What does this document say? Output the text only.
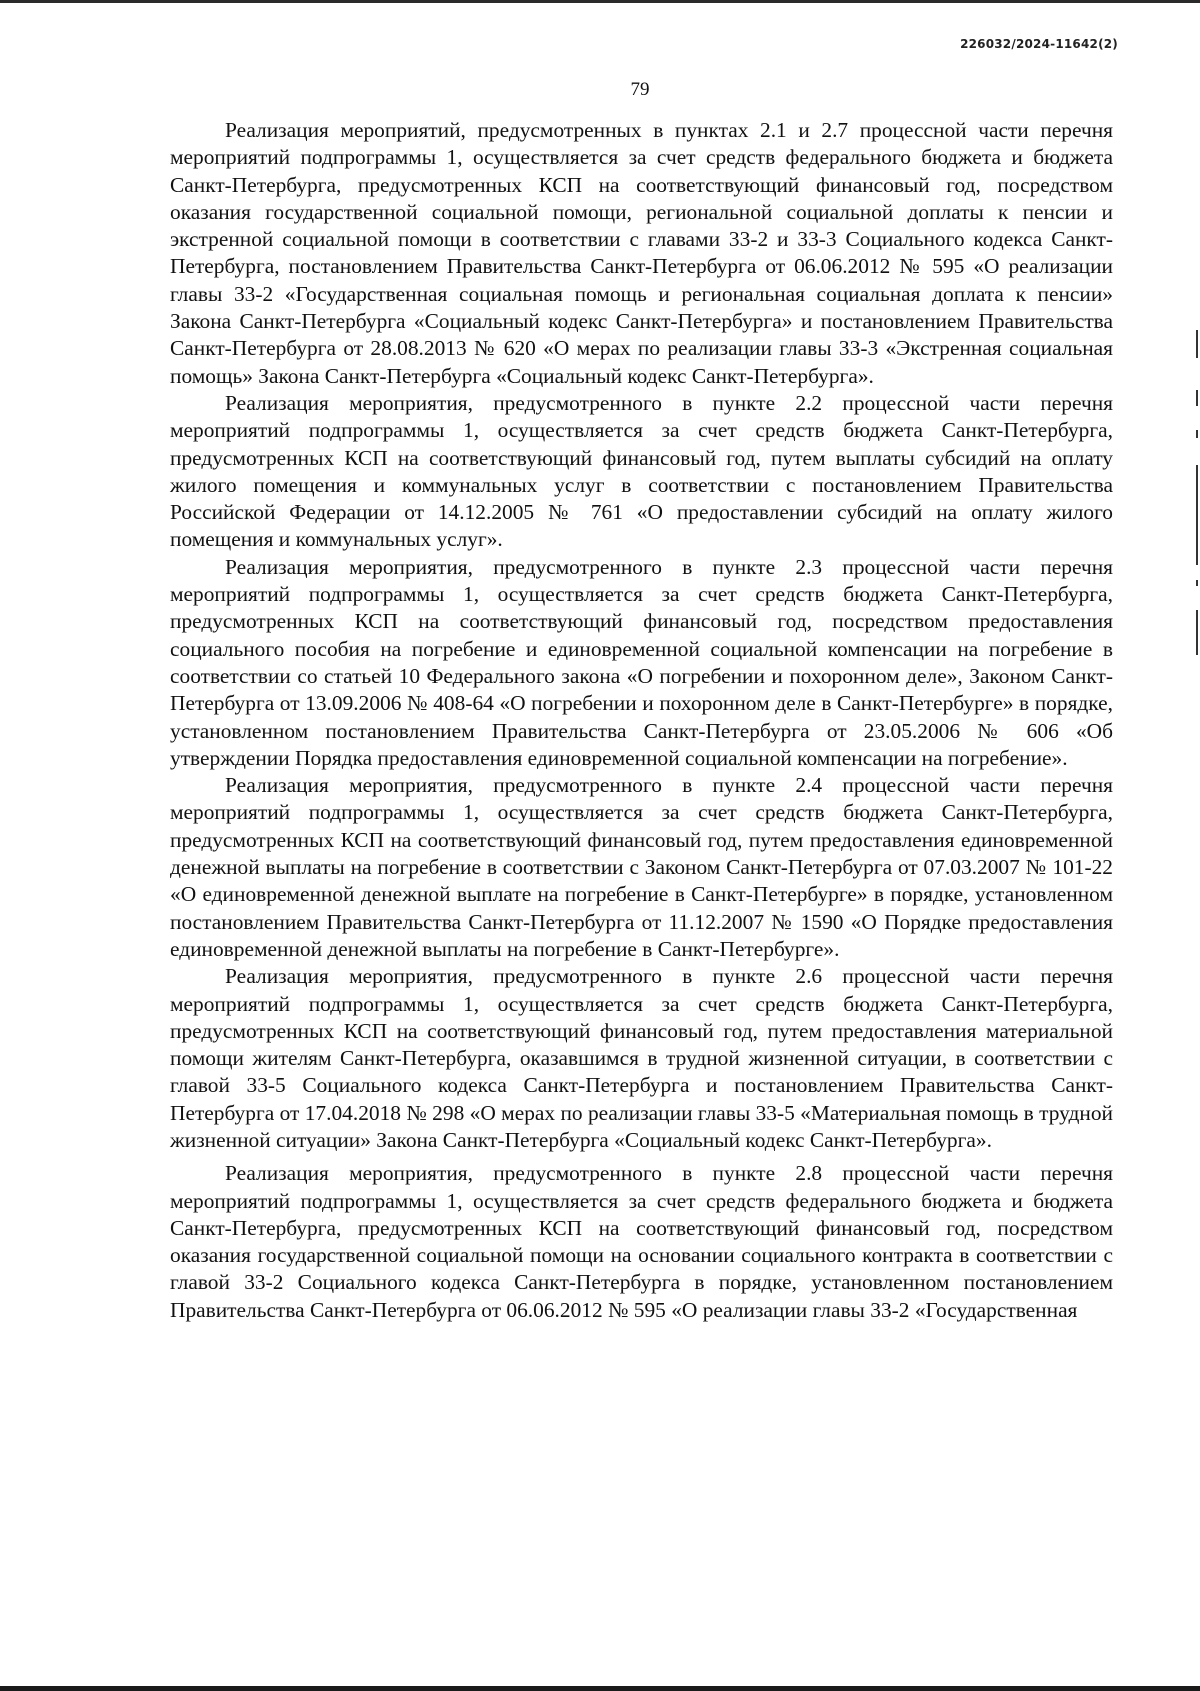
226032/2024-11642(2)
79

Реализация мероприятий, предусмотренных в пунктах 2.1 и 2.7 процессной части перечня мероприятий подпрограммы 1, осуществляется за счет средств федерального бюджета и бюджета Санкт-Петербурга, предусмотренных КСП на соответствующий финансовый год, посредством оказания государственной социальной помощи, региональной социальной доплаты к пенсии и экстренной социальной помощи в соответствии с главами 33-2 и 33-3 Социального кодекса Санкт-Петербурга, постановлением Правительства Санкт-Петербурга от 06.06.2012 № 595 «О реализации главы 33-2 «Государственная социальная помощь и региональная социальная доплата к пенсии» Закона Санкт-Петербурга «Социальный кодекс Санкт-Петербурга» и постановлением Правительства Санкт-Петербурга от 28.08.2013 № 620 «О мерах по реализации главы 33-3 «Экстренная социальная помощь» Закона Санкт-Петербурга «Социальный кодекс Санкт-Петербурга».

Реализация мероприятия, предусмотренного в пункте 2.2 процессной части перечня мероприятий подпрограммы 1, осуществляется за счет средств бюджета Санкт-Петербурга, предусмотренных КСП на соответствующий финансовый год, путем выплаты субсидий на оплату жилого помещения и коммунальных услуг в соответствии с постановлением Правительства Российской Федерации от 14.12.2005 № 761 «О предоставлении субсидий на оплату жилого помещения и коммунальных услуг».

Реализация мероприятия, предусмотренного в пункте 2.3 процессной части перечня мероприятий подпрограммы 1, осуществляется за счет средств бюджета Санкт-Петербурга, предусмотренных КСП на соответствующий финансовый год, посредством предоставления социального пособия на погребение и единовременной социальной компенсации на погребение в соответствии со статьей 10 Федерального закона «О погребении и похоронном деле», Законом Санкт-Петербурга от 13.09.2006 № 408-64 «О погребении и похоронном деле в Санкт-Петербурге» в порядке, установленном постановлением Правительства Санкт-Петербурга от 23.05.2006 № 606 «Об утверждении Порядка предоставления единовременной социальной компенсации на погребение».

Реализация мероприятия, предусмотренного в пункте 2.4 процессной части перечня мероприятий подпрограммы 1, осуществляется за счет средств бюджета Санкт-Петербурга, предусмотренных КСП на соответствующий финансовый год, путем предоставления единовременной денежной выплаты на погребение в соответствии с Законом Санкт-Петербурга от 07.03.2007 № 101-22 «О единовременной денежной выплате на погребение в Санкт-Петербурге» в порядке, установленном постановлением Правительства Санкт-Петербурга от 11.12.2007 № 1590 «О Порядке предоставления единовременной денежной выплаты на погребение в Санкт-Петербурге».

Реализация мероприятия, предусмотренного в пункте 2.6 процессной части перечня мероприятий подпрограммы 1, осуществляется за счет средств бюджета Санкт-Петербурга, предусмотренных КСП на соответствующий финансовый год, путем предоставления материальной помощи жителям Санкт-Петербурга, оказавшимся в трудной жизненной ситуации, в соответствии с главой 33-5 Социального кодекса Санкт-Петербурга и постановлением Правительства Санкт-Петербурга от 17.04.2018 № 298 «О мерах по реализации главы 33-5 «Материальная помощь в трудной жизненной ситуации» Закона Санкт-Петербурга «Социальный кодекс Санкт-Петербурга».

Реализация мероприятия, предусмотренного в пункте 2.8 процессной части перечня мероприятий подпрограммы 1, осуществляется за счет средств федерального бюджета и бюджета Санкт-Петербурга, предусмотренных КСП на соответствующий финансовый год, посредством оказания государственной социальной помощи на основании социального контракта в соответствии с главой 33-2 Социального кодекса Санкт-Петербурга в порядке, установленном постановлением Правительства Санкт-Петербурга от 06.06.2012 № 595 «О реализации главы 33-2 «Государственная
